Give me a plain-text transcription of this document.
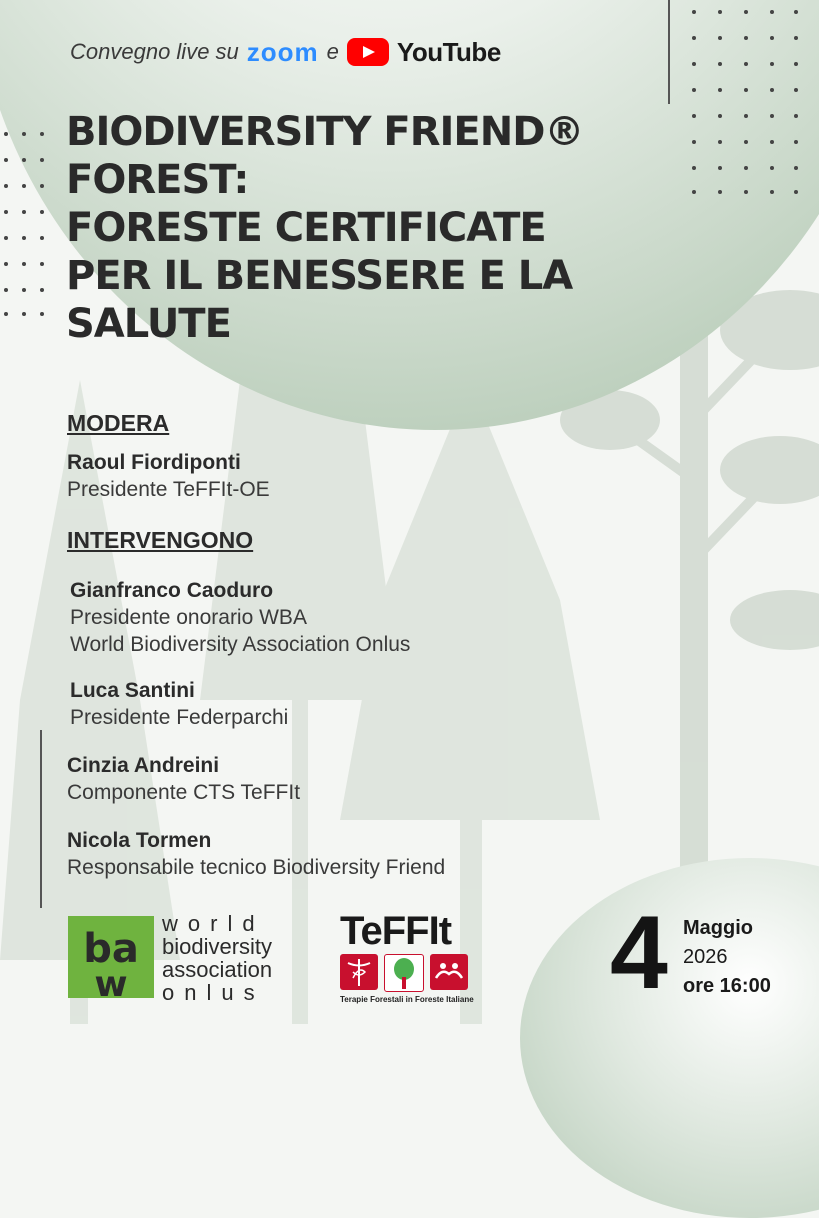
Convegno live su zoom e YouTube
BIODIVERSITY FRIEND®
FOREST:
FORESTE CERTIFICATE
PER IL BENESSERE E LA
SALUTE
MODERA
Raoul Fiordiponti
Presidente TeFFIt-OE
INTERVENGONO
Gianfranco Caoduro
Presidente onorario WBA
World Biodiversity Association Onlus
Luca Santini
Presidente Federparchi
Cinzia Andreini
Componente CTS TeFFIt
Nicola Tormen
Responsabile tecnico Biodiversity Friend
ba
w
world
biodiversity
association
onlus
TeFFIt
Terapie Forestali in Foreste Italiane 4 Maggio
2026
ore 16:00
